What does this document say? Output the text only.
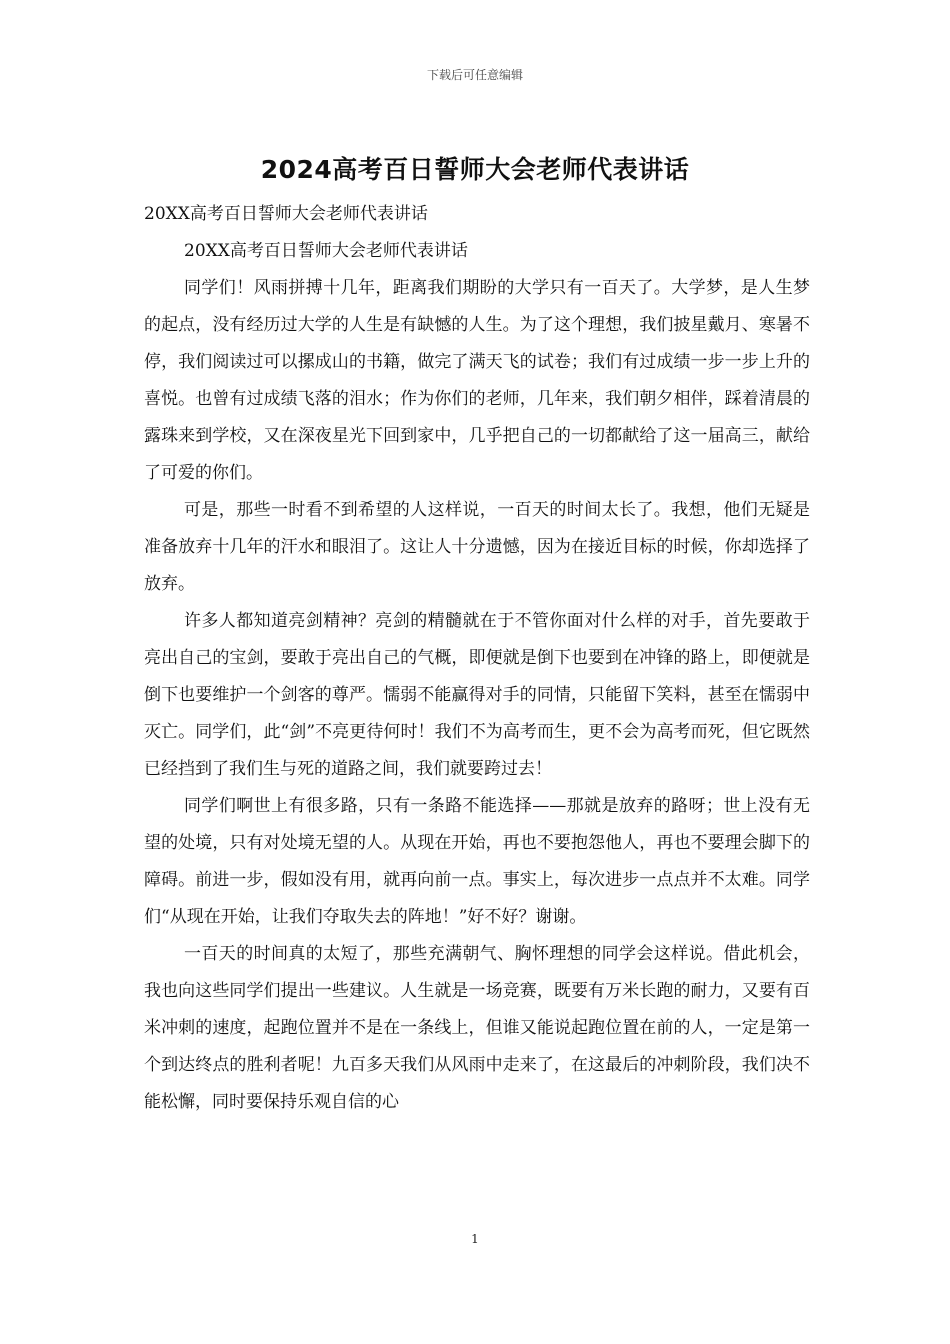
下载后可任意编辑
2024高考百日誓师大会老师代表讲话

20XX高考百日誓师大会老师代表讲话

20XX高考百日誓师大会老师代表讲话

同学们！风雨拼搏十几年，距离我们期盼的大学只有一百天了。大学梦，是人生梦的起点，没有经历过大学的人生是有缺憾的人生。为了这个理想，我们披星戴月、寒暑不停，我们阅读过可以摞成山的书籍，做完了满天飞的试卷；我们有过成绩一步一步上升的喜悦。也曾有过成绩飞落的泪水；作为你们的老师，几年来，我们朝夕相伴，踩着清晨的露珠来到学校，又在深夜星光下回到家中，几乎把自己的一切都献给了这一届高三，献给了可爱的你们。

可是，那些一时看不到希望的人这样说，一百天的时间太长了。我想，他们无疑是准备放弃十几年的汗水和眼泪了。这让人十分遗憾，因为在接近目标的时候，你却选择了放弃。

许多人都知道亮剑精神？亮剑的精髓就在于不管你面对什么样的对手，首先要敢于亮出自己的宝剑，要敢于亮出自己的气概，即便就是倒下也要到在冲锋的路上，即便就是倒下也要维护一个剑客的尊严。懦弱不能赢得对手的同情，只能留下笑料，甚至在懦弱中灭亡。同学们，此“剑”不亮更待何时！我们不为高考而生，更不会为高考而死，但它既然已经挡到了我们生与死的道路之间，我们就要跨过去！

同学们啊世上有很多路，只有一条路不能选择——那就是放弃的路呀；世上没有无望的处境，只有对处境无望的人。从现在开始，再也不要抱怨他人，再也不要理会脚下的障碍。前进一步，假如没有用，就再向前一点。事实上，每次进步一点点并不太难。同学们“从现在开始，让我们夺取失去的阵地！”好不好？谢谢。

一百天的时间真的太短了，那些充满朝气、胸怀理想的同学会这样说。借此机会，我也向这些同学们提出一些建议。人生就是一场竞赛，既要有万米长跑的耐力，又要有百米冲刺的速度，起跑位置并不是在一条线上，但谁又能说起跑位置在前的人，一定是第一个到达终点的胜利者呢！九百多天我们从风雨中走来了，在这最后的冲刺阶段，我们决不能松懈，同时要保持乐观自信的心

1
